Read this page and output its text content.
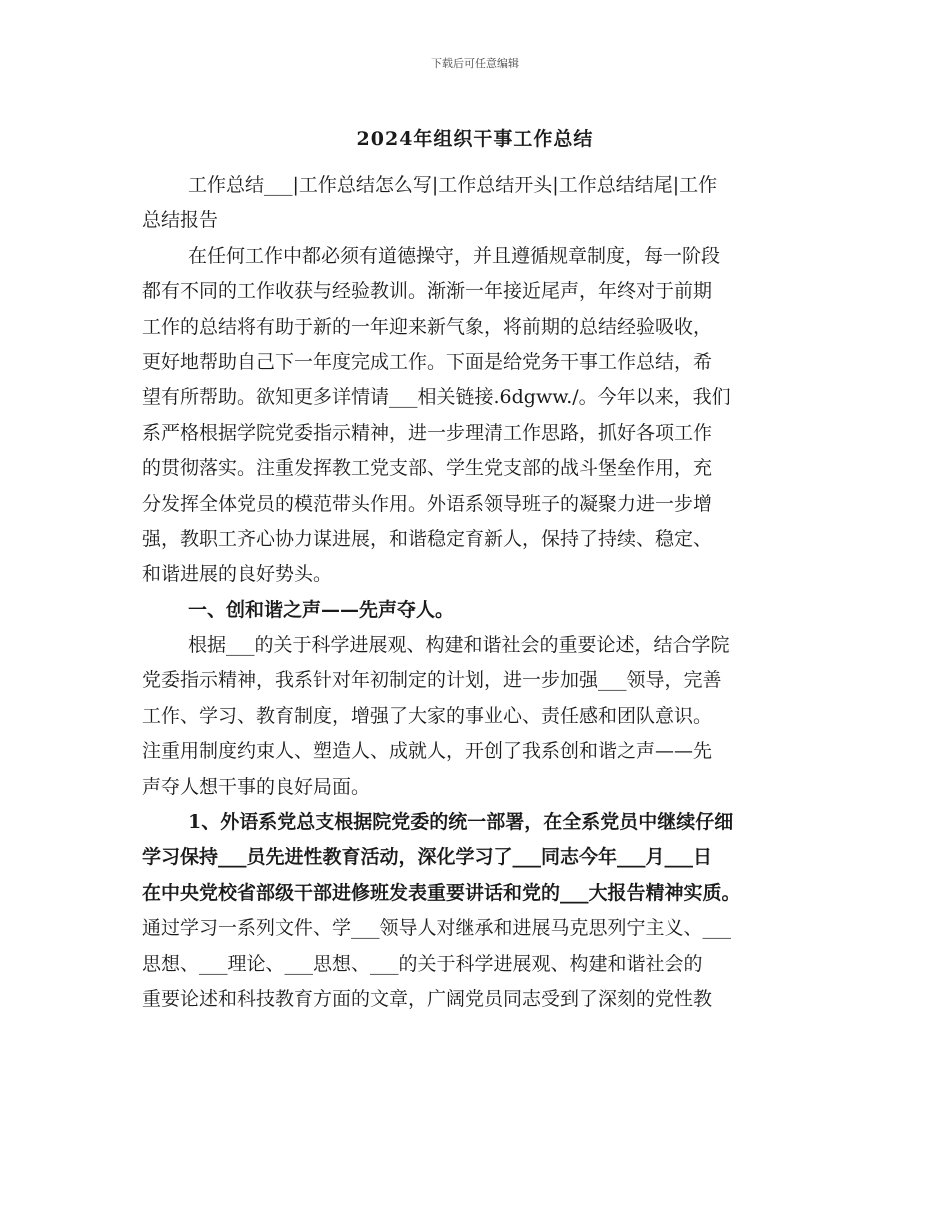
下载后可任意编辑
2024年组织干事工作总结
工作总结___|工作总结怎么写|工作总结开头|工作总结结尾|工作
总结报告
在任何工作中都必须有道德操守，并且遵循规章制度，每一阶段
都有不同的工作收获与经验教训。渐渐一年接近尾声，年终对于前期
工作的总结将有助于新的一年迎来新气象，将前期的总结经验吸收，
更好地帮助自己下一年度完成工作。下面是给党务干事工作总结，希
望有所帮助。欲知更多详情请___相关链接.6dgww./。今年以来，我们
系严格根据学院党委指示精神，进一步理清工作思路，抓好各项工作
的贯彻落实。注重发挥教工党支部、学生党支部的战斗堡垒作用，充
分发挥全体党员的模范带头作用。外语系领导班子的凝聚力进一步增
强，教职工齐心协力谋进展，和谐稳定育新人，保持了持续、稳定、
和谐进展的良好势头。
一、创和谐之声——先声夺人。
根据___的关于科学进展观、构建和谐社会的重要论述，结合学院
党委指示精神，我系针对年初制定的计划，进一步加强___领导，完善
工作、学习、教育制度，增强了大家的事业心、责任感和团队意识。
注重用制度约束人、塑造人、成就人，开创了我系创和谐之声——先
声夺人想干事的良好局面。
1、外语系党总支根据院党委的统一部署，在全系党员中继续仔细
学习保持___员先进性教育活动，深化学习了___同志今年___月___日
在中央党校省部级干部进修班发表重要讲话和党的___大报告精神实质。
通过学习一系列文件、学___领导人对继承和进展马克思列宁主义、___
思想、___理论、___思想、___的关于科学进展观、构建和谐社会的
重要论述和科技教育方面的文章，广阔党员同志受到了深刻的党性教
